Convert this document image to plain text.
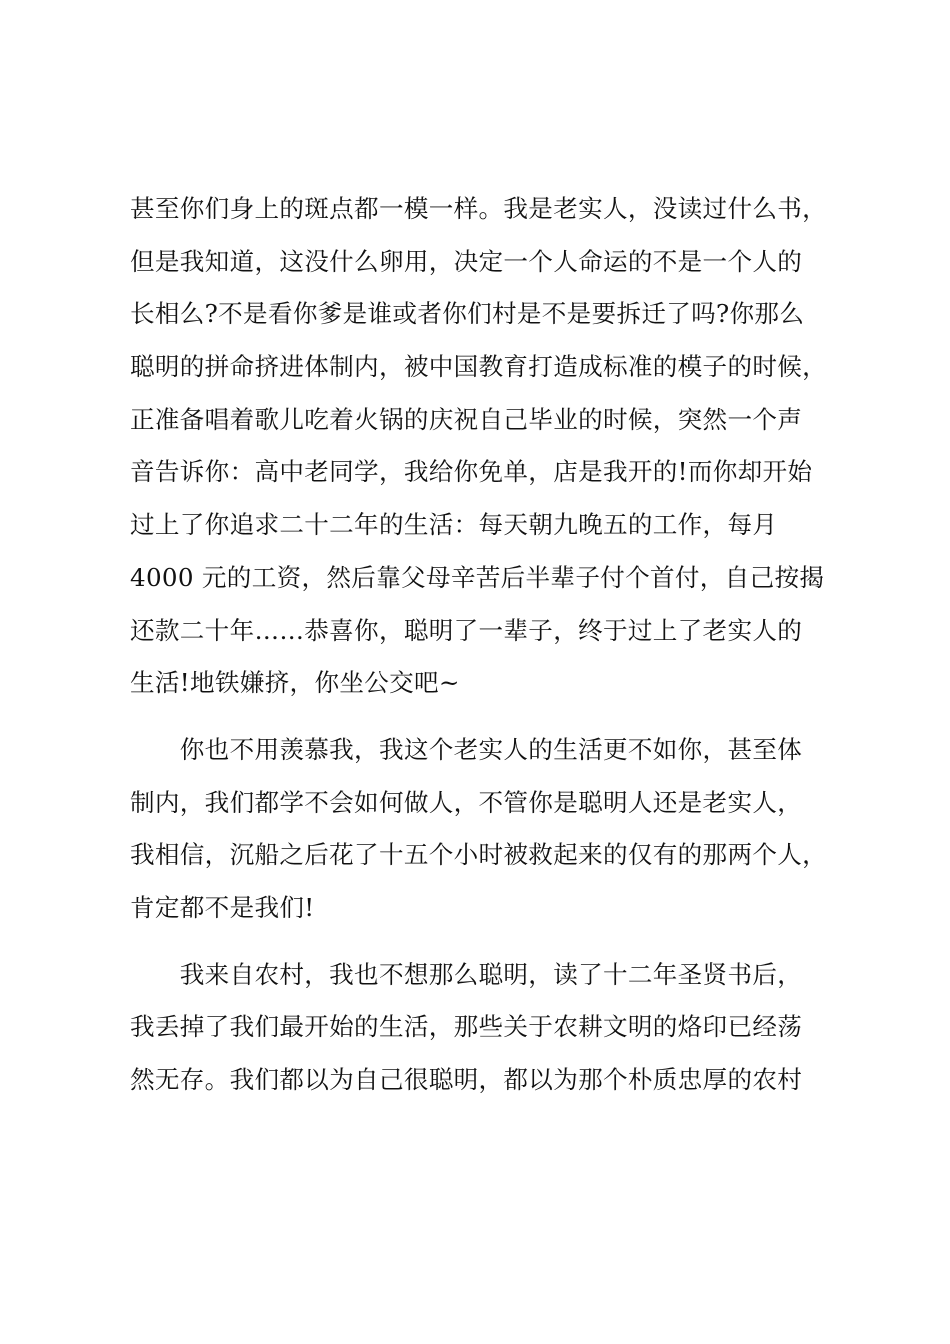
甚至你们身上的斑点都一模一样。我是老实人，没读过什么书，
但是我知道，这没什么卵用，决定一个人命运的不是一个人的
长相么?不是看你爹是谁或者你们村是不是要拆迁了吗?你那么
聪明的拼命挤进体制内，被中国教育打造成标准的模子的时候，
正准备唱着歌儿吃着火锅的庆祝自己毕业的时候，突然一个声
音告诉你：高中老同学，我给你免单，店是我开的!而你却开始
过上了你追求二十二年的生活：每天朝九晚五的工作，每月
4000 元的工资，然后靠父母辛苦后半辈子付个首付，自己按揭
还款二十年……恭喜你，聪明了一辈子，终于过上了老实人的
生活!地铁嫌挤，你坐公交吧~
　　你也不用羡慕我，我这个老实人的生活更不如你，甚至体
制内，我们都学不会如何做人，不管你是聪明人还是老实人，
我相信，沉船之后花了十五个小时被救起来的仅有的那两个人，
肯定都不是我们!
　　我来自农村，我也不想那么聪明，读了十二年圣贤书后，
我丢掉了我们最开始的生活，那些关于农耕文明的烙印已经荡
然无存。我们都以为自己很聪明，都以为那个朴质忠厚的农村
